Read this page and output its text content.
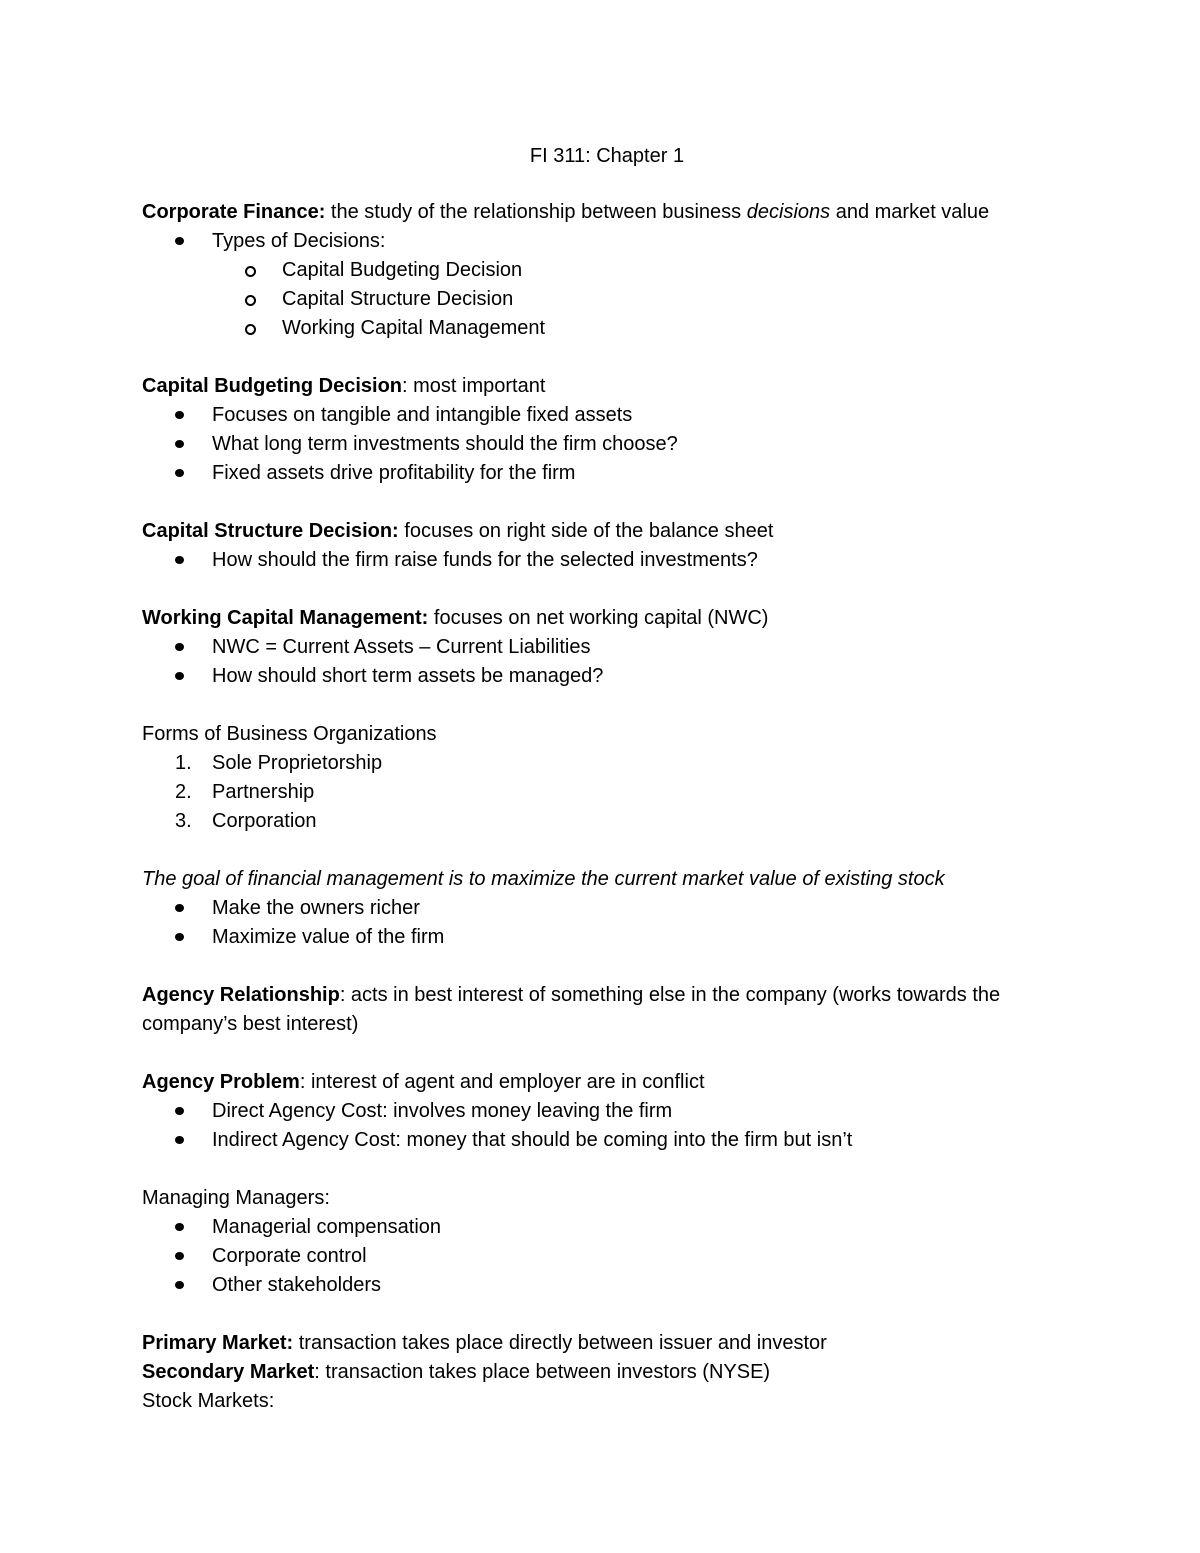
FI 311: Chapter 1
Corporate Finance: the study of the relationship between business decisions and market value
Types of Decisions:
Capital Budgeting Decision
Capital Structure Decision
Working Capital Management
Capital Budgeting Decision: most important
Focuses on tangible and intangible fixed assets
What long term investments should the firm choose?
Fixed assets drive profitability for the firm
Capital Structure Decision: focuses on right side of the balance sheet
How should the firm raise funds for the selected investments?
Working Capital Management: focuses on net working capital (NWC)
NWC = Current Assets – Current Liabilities
How should short term assets be managed?
Forms of Business Organizations
1.	Sole Proprietorship
2.	Partnership
3.	Corporation
The goal of financial management is to maximize the current market value of existing stock
Make the owners richer
Maximize value of the firm
Agency Relationship: acts in best interest of something else in the company (works towards the company’s best interest)
Agency Problem: interest of agent and employer are in conflict
Direct Agency Cost: involves money leaving the firm
Indirect Agency Cost: money that should be coming into the firm but isn’t
Managing Managers:
Managerial compensation
Corporate control
Other stakeholders
Primary Market: transaction takes place directly between issuer and investor
Secondary Market: transaction takes place between investors (NYSE)
Stock Markets:
